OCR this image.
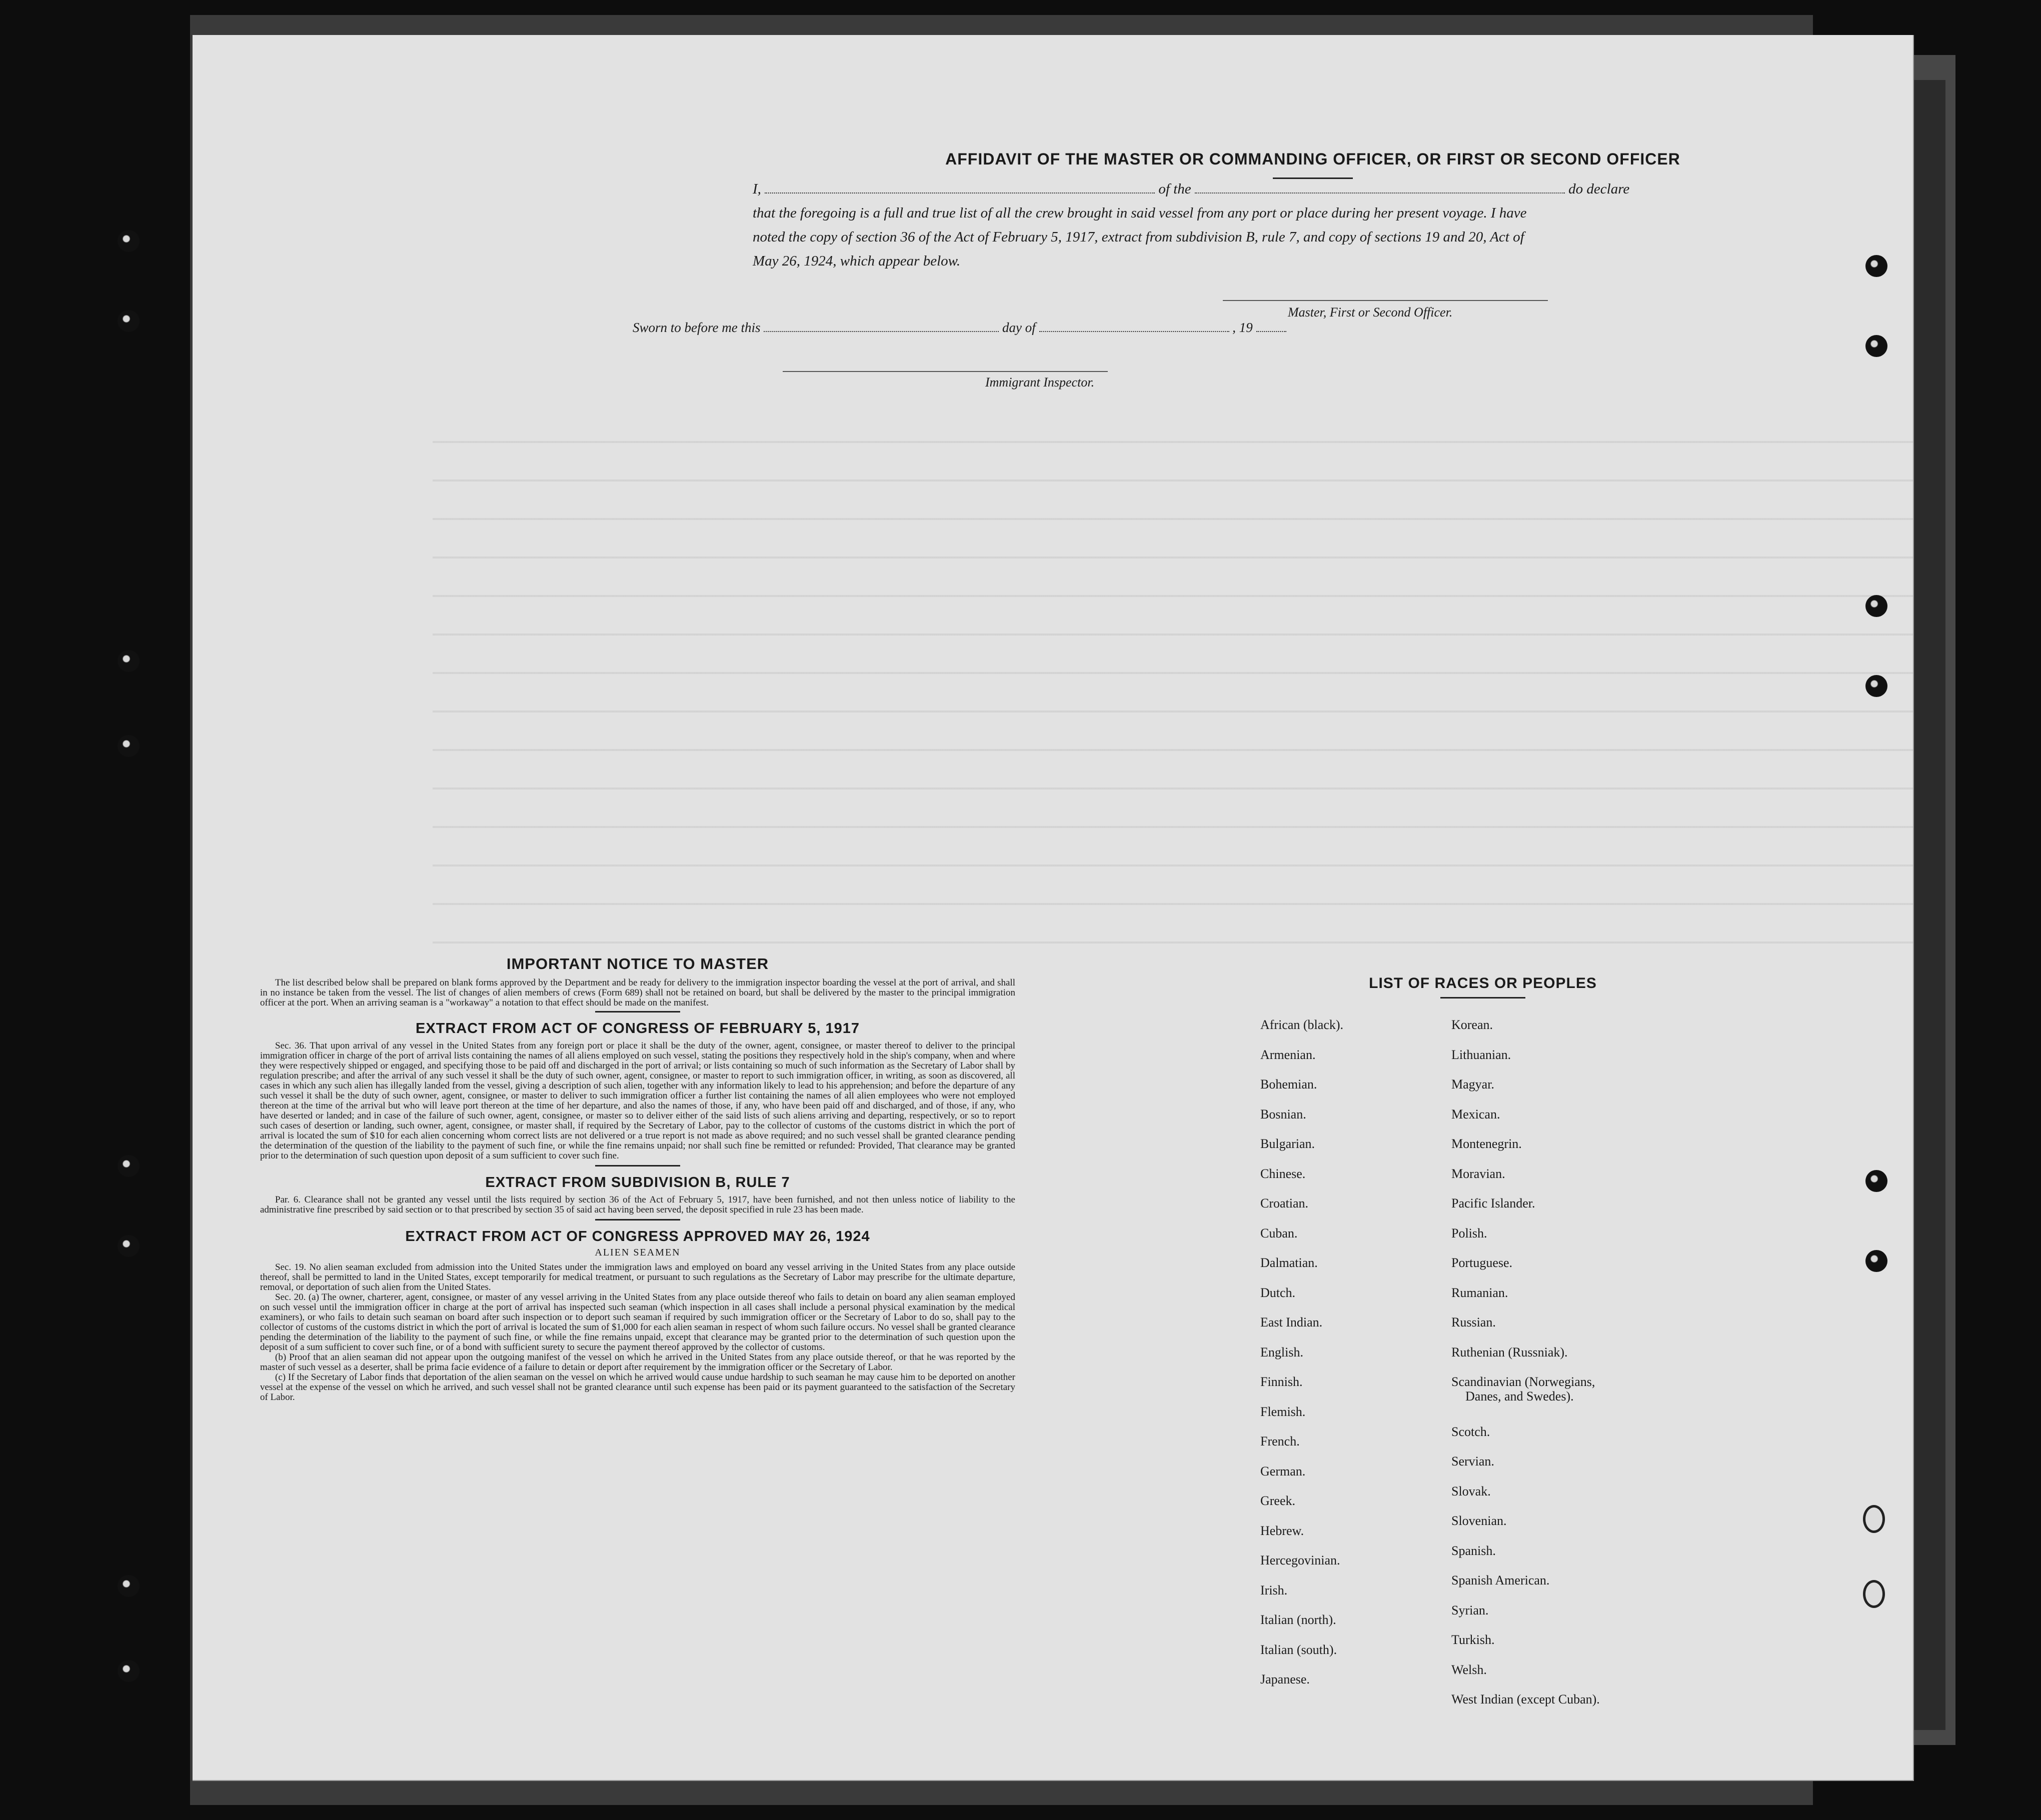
AFFIDAVIT OF THE MASTER OR COMMANDING OFFICER, OR FIRST OR SECOND OFFICER
I,	of the	do declare
that the foregoing is a full and true list of all the crew brought in said vessel from any port or place during her present voyage. I have
noted the copy of section 36 of the Act of February 5, 1917, extract from subdivision B, rule 7, and copy of sections 19 and 20, Act of
May 26, 1924, which appear below.
Master, First or Second Officer.
Sworn to before me this	day of	, 19
Immigrant Inspector.
IMPORTANT NOTICE TO MASTER

The list described below shall be prepared on blank forms approved by the Department and be ready for delivery to the immigration inspector boarding the vessel at the port of arrival, and shall in no instance be taken from the vessel. The list of changes of alien members of crews (Form 689) shall not be retained on board, but shall be delivered by the master to the principal immigration officer at the port. When an arriving seaman is a "workaway" a notation to that effect should be made on the manifest.

EXTRACT FROM ACT OF CONGRESS OF FEBRUARY 5, 1917

Sec. 36. That upon arrival of any vessel in the United States from any foreign port or place it shall be the duty of the owner, agent, consignee, or master thereof to deliver to the principal immigration officer in charge of the port of arrival lists containing the names of all aliens employed on such vessel, stating the positions they respectively hold in the ship's company, when and where they were respectively shipped or engaged, and specifying those to be paid off and discharged in the port of arrival; or lists containing so much of such information as the Secretary of Labor shall by regulation prescribe; and after the arrival of any such vessel it shall be the duty of such owner, agent, consignee, or master to report to such immigration officer, in writing, as soon as discovered, all cases in which any such alien has illegally landed from the vessel, giving a description of such alien, together with any information likely to lead to his apprehension; and before the departure of any such vessel it shall be the duty of such owner, agent, consignee, or master to deliver to such immigration officer a further list containing the names of all alien employees who were not employed thereon at the time of the arrival but who will leave port thereon at the time of her departure, and also the names of those, if any, who have been paid off and discharged, and of those, if any, who have deserted or landed; and in case of the failure of such owner, agent, consignee, or master so to deliver either of the said lists of such aliens arriving and departing, respectively, or so to report such cases of desertion or landing, such owner, agent, consignee, or master shall, if required by the Secretary of Labor, pay to the collector of customs of the customs district in which the port of arrival is located the sum of $10 for each alien concerning whom correct lists are not delivered or a true report is not made as above required; and no such vessel shall be granted clearance pending the determination of the question of the liability to the payment of such fine, or while the fine remains unpaid; nor shall such fine be remitted or refunded: Provided, That clearance may be granted prior to the determination of such question upon deposit of a sum sufficient to cover such fine.

EXTRACT FROM SUBDIVISION B, RULE 7

Par. 6. Clearance shall not be granted any vessel until the lists required by section 36 of the Act of February 5, 1917, have been furnished, and not then unless notice of liability to the administrative fine prescribed by said section or to that prescribed by section 35 of said act having been served, the deposit specified in rule 23 has been made.

EXTRACT FROM ACT OF CONGRESS APPROVED MAY 26, 1924
ALIEN SEAMEN

Sec. 19. No alien seaman excluded from admission into the United States under the immigration laws and employed on board any vessel arriving in the United States from any place outside thereof, shall be permitted to land in the United States, except temporarily for medical treatment, or pursuant to such regulations as the Secretary of Labor may prescribe for the ultimate departure, removal, or deportation of such alien from the United States.

Sec. 20. (a) The owner, charterer, agent, consignee, or master of any vessel arriving in the United States from any place outside thereof who fails to detain on board any alien seaman employed on such vessel until the immigration officer in charge at the port of arrival has inspected such seaman (which inspection in all cases shall include a personal physical examination by the medical examiners), or who fails to detain such seaman on board after such inspection or to deport such seaman if required by such immigration officer or the Secretary of Labor to do so, shall pay to the collector of customs of the customs district in which the port of arrival is located the sum of $1,000 for each alien seaman in respect of whom such failure occurs. No vessel shall be granted clearance pending the determination of the liability to the payment of such fine, or while the fine remains unpaid, except that clearance may be granted prior to the determination of such question upon the deposit of a sum sufficient to cover such fine, or of a bond with sufficient surety to secure the payment thereof approved by the collector of customs.

(b) Proof that an alien seaman did not appear upon the outgoing manifest of the vessel on which he arrived in the United States from any place outside thereof, or that he was reported by the master of such vessel as a deserter, shall be prima facie evidence of a failure to detain or deport after requirement by the immigration officer or the Secretary of Labor.

(c) If the Secretary of Labor finds that deportation of the alien seaman on the vessel on which he arrived would cause undue hardship to such seaman he may cause him to be deported on another vessel at the expense of the vessel on which he arrived, and such vessel shall not be granted clearance until such expense has been paid or its payment guaranteed to the satisfaction of the Secretary of Labor.

LIST OF RACES OR PEOPLES
African (black).
Armenian.
Bohemian.
Bosnian.
Bulgarian.
Chinese.
Croatian.
Cuban.
Dalmatian.
Dutch.
East Indian.
English.
Finnish.
Flemish.
French.
German.
Greek.
Hebrew.
Hercegovinian.
Irish.
Italian (north).
Italian (south).
Japanese.
Korean.
Lithuanian.
Magyar.
Mexican.
Montenegrin.
Moravian.
Pacific Islander.
Polish.
Portuguese.
Rumanian.
Russian.
Ruthenian (Russniak).
Scandinavian (Norwegians,
Danes, and Swedes).
Scotch.
Servian.
Slovak.
Slovenian.
Spanish.
Spanish American.
Syrian.
Turkish.
Welsh.
West Indian (except Cuban).
